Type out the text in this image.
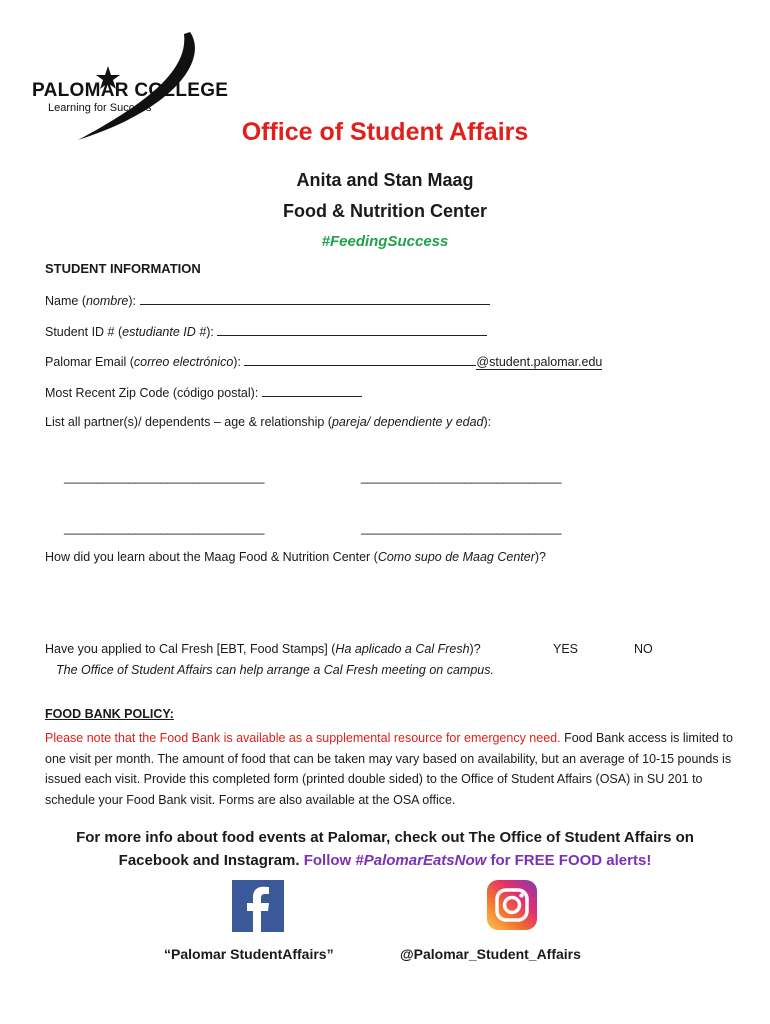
PALOMAR COLLEGE
Learning for Success
Office of Student Affairs
Anita and Stan Maag
Food & Nutrition Center
#FeedingSuccess
STUDENT INFORMATION
Name (nombre):
Student ID # (estudiante ID #):
Palomar Email (correo electrónico):	@student.palomar.edu
Most Recent Zip Code (código postal):
List all partner(s)/ dependents – age & relationship (pareja/ dependiente y edad):
_______________________________	_______________________________
_______________________________	_______________________________
How did you learn about the Maag Food & Nutrition Center (Como supo de Maag Center)?
Have you applied to Cal Fresh [EBT, Food Stamps] (Ha aplicado a Cal Fresh)?	YES	NO
The Office of Student Affairs can help arrange a Cal Fresh meeting on campus.
FOOD BANK POLICY:
Please note that the Food Bank is available as a supplemental resource for emergency need. Food Bank access is limited to one visit per month. The amount of food that can be taken may vary based on availability, but an average of 10-15 pounds is issued each visit. Provide this completed form (printed double sided) to the Office of Student Affairs (OSA) in SU 201 to schedule your Food Bank visit. Forms are also available at the OSA office.
For more info about food events at Palomar, check out The Office of Student Affairs on
Facebook and Instagram. Follow #PalomarEatsNow for FREE FOOD alerts!
“Palomar StudentAffairs”	@Palomar_Student_Affairs
